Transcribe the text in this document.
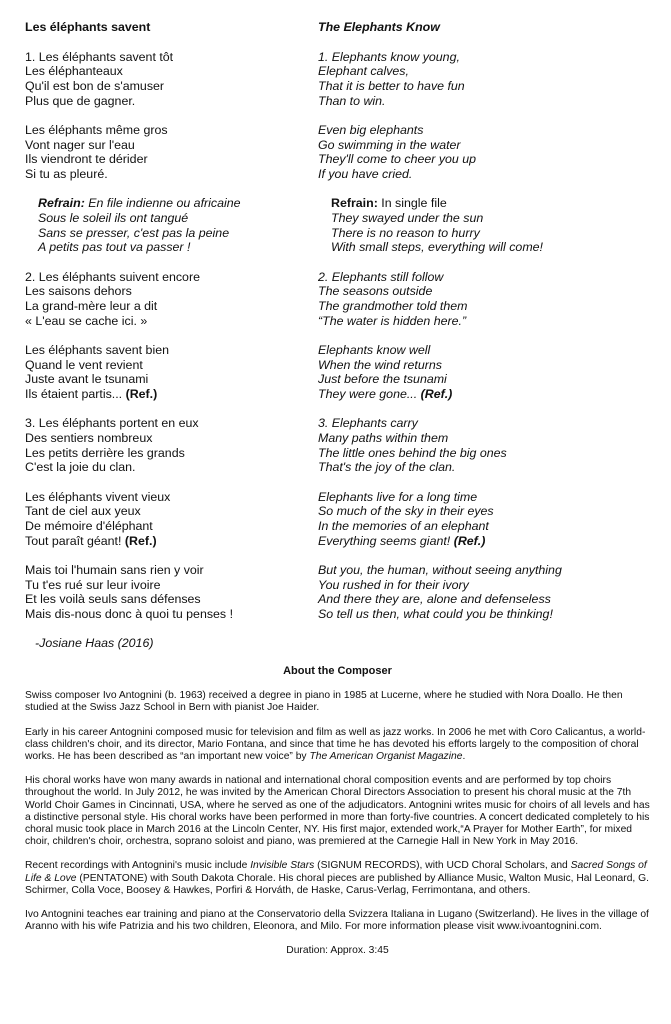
Les éléphants savent
1. Les éléphants savent tôt
Les éléphanteaux
Qu'il est bon de s'amuser
Plus que de gagner.
Les éléphants même gros
Vont nager sur l'eau
Ils viendront te dérider
Si tu as pleuré.
Refrain: En file indienne ou africaine
Sous le soleil ils ont tangué
Sans se presser, c'est pas la peine
A petits pas tout va passer !
2. Les éléphants suivent encore
Les saisons dehors
La grand-mère leur a dit
« L'eau se cache ici. »
Les éléphants savent bien
Quand le vent revient
Juste avant le tsunami
Ils étaient partis... (Ref.)
3. Les éléphants portent en eux
Des sentiers nombreux
Les petits derrière les grands
C'est la joie du clan.
Les éléphants vivent vieux
Tant de ciel aux yeux
De mémoire d'éléphant
Tout paraît géant! (Ref.)
Mais toi l'humain sans rien y voir
Tu t'es rué sur leur ivoire
Et les voilà seuls sans défenses
Mais dis-nous donc à quoi tu penses !
The Elephants Know
1. Elephants know young,
Elephant calves,
That it is better to have fun
Than to win.
Even big elephants
Go swimming in the water
They'll come to cheer you up
If you have cried.
Refrain: In single file
They swayed under the sun
There is no reason to hurry
With small steps, everything will come!
2. Elephants still follow
The seasons outside
The grandmother told them
“The water is hidden here.”
Elephants know well
When the wind returns
Just before the tsunami
They were gone... (Ref.)
3. Elephants carry
Many paths within them
The little ones behind the big ones
That's the joy of the clan.
Elephants live for a long time
So much of the sky in their eyes
In the memories of an elephant
Everything seems giant! (Ref.)
But you, the human, without seeing anything
You rushed in for their ivory
And there they are, alone and defenseless
So tell us then, what could you be thinking!
-Josiane Haas (2016)
About the Composer

Swiss composer Ivo Antognini (b. 1963) received a degree in piano in 1985 at Lucerne, where he studied with Nora Doallo. He then studied at the Swiss Jazz School in Bern with pianist Joe Haider.

Early in his career Antognini composed music for television and film as well as jazz works. In 2006 he met with Coro Calicantus, a world-class children's choir, and its director, Mario Fontana, and since that time he has devoted his efforts largely to the composition of choral works. He has been described as “an important new voice” by The American Organist Magazine.

His choral works have won many awards in national and international choral composition events and are performed by top choirs throughout the world. In July 2012, he was invited by the American Choral Directors Association to present his choral music at the 7th World Choir Games in Cincinnati, USA, where he served as one of the adjudicators. Antognini writes music for choirs of all levels and has a distinctive personal style. His choral works have been performed in more than forty-five countries. A concert dedicated completely to his choral music took place in March 2016 at the Lincoln Center, NY. His first major, extended work,“A Prayer for Mother Earth”, for mixed choir, children's choir, orchestra, soprano soloist and piano, was premiered at the Carnegie Hall in New York in May 2016.

Recent recordings with Antognini's music include Invisible Stars (SIGNUM RECORDS), with UCD Choral Scholars, and Sacred Songs of Life & Love (PENTATONE) with South Dakota Chorale. His choral pieces are published by Alliance Music, Walton Music, Hal Leonard, G. Schirmer, Colla Voce, Boosey & Hawkes, Porfiri & Horváth, de Haske, Carus-Verlag, Ferrimontana, and others.

Ivo Antognini teaches ear training and piano at the Conservatorio della Svizzera Italiana in Lugano (Switzerland). He lives in the village of Aranno with his wife Patrizia and his two children, Eleonora, and Milo. For more information please visit www.ivoantognini.com.

Duration: Approx. 3:45
